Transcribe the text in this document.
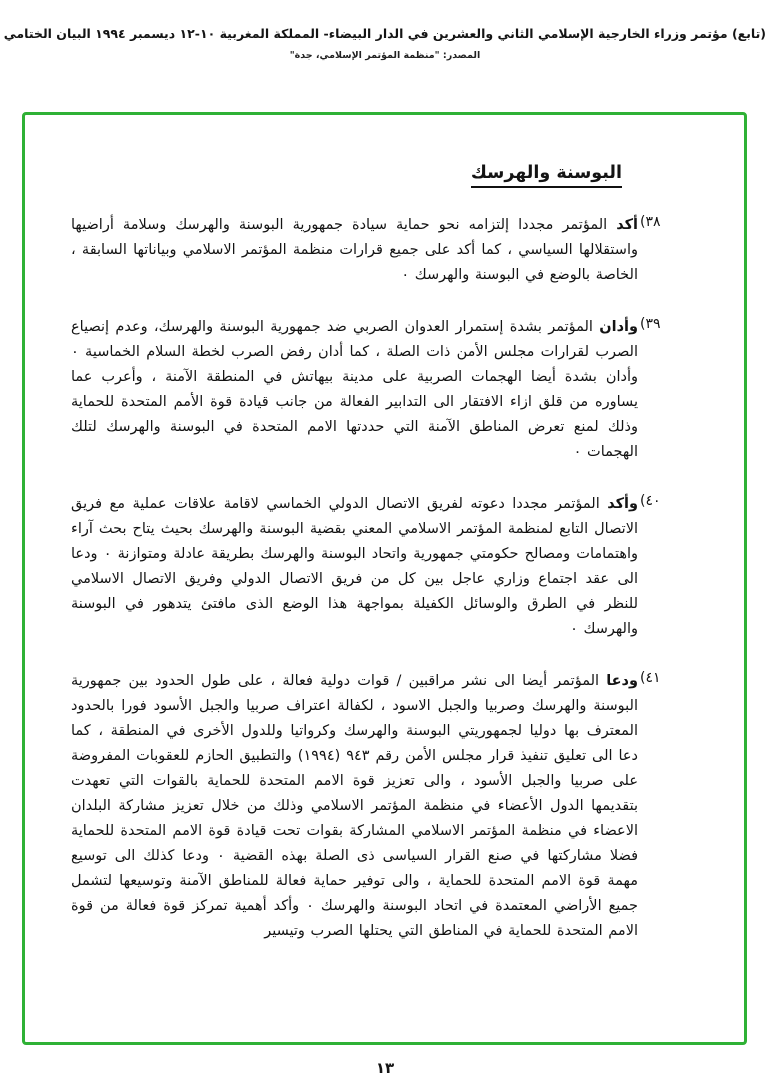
(تابع) مؤتمر وزراء الخارجية الإسلامي الثاني والعشرين في الدار البيضاء- المملكة المغربية ١٠-١٢ ديسمبر ١٩٩٤ البيان الختامي
المصدر: "منظمة المؤتمر الإسلامي، جدة"
البوسنة والهرسك
(٣٨

أكد المؤتمر مجددا إلتزامه نحو حماية سيادة جمهورية البوسنة والهرسك وسلامة أراضيها واستقلالها السياسي ، كما أكد على جميع قرارات منظمة المؤتمر الاسلامي وبياناتها السابقة ، الخاصة بالوضع في البوسنة والهرسك ٠

(٣٩

وأدان المؤتمر بشدة إستمرار العدوان الصربي ضد جمهورية البوسنة والهرسك، وعدم إنصياع الصرب لقرارات مجلس الأمن ذات الصلة ، كما أدان رفض الصرب لخطة السلام الخماسية ٠ وأدان بشدة أيضا الهجمات الصربية على مدينة بيهاتش في المنطقة الآمنة ، وأعرب عما يساوره من قلق ازاء الافتقار الى التدابير الفعالة من جانب قيادة قوة الأمم المتحدة للحماية وذلك لمنع تعرض المناطق الآمنة التي حددتها الامم المتحدة في البوسنة والهرسك لتلك الهجمات ٠

(٤٠

وأكد المؤتمر مجددا دعوته لفريق الاتصال الدولي الخماسي لاقامة علاقات عملية مع فريق الاتصال التابع لمنظمة المؤتمر الاسلامي المعني بقضية البوسنة والهرسك بحيث يتاح بحث آراء واهتمامات ومصالح حكومتي جمهورية واتحاد البوسنة والهرسك بطريقة عادلة ومتوازنة ٠ ودعا الى عقد اجتماع وزاري عاجل بين كل من فريق الاتصال الدولي وفريق الاتصال الاسلامي للنظر في الطرق والوسائل الكفيلة بمواجهة هذا الوضع الذى مافتئ يتدهور في البوسنة والهرسك ٠

(٤١

ودعا المؤتمر أيضا الى نشر مراقبين / قوات دولية فعالة ، على طول الحدود بين جمهورية البوسنة والهرسك وصربيا والجبل الاسود ، لكفالة اعتراف صربيا والجبل الأسود فورا بالحدود المعترف بها دوليا لجمهوريتي البوسنة والهرسك وكرواتيا وللدول الأخرى في المنطقة ، كما دعا الى تعليق تنفيذ قرار مجلس الأمن رقم ٩٤٣ (١٩٩٤) والتطبيق الحازم للعقوبات المفروضة على صربيا والجبل الأسود ، والى تعزيز قوة الامم المتحدة للحماية بالقوات التي تعهدت بتقديمها الدول الأعضاء في منظمة المؤتمر الاسلامي وذلك من خلال تعزيز مشاركة البلدان الاعضاء في منظمة المؤتمر الاسلامي المشاركة بقوات تحت قيادة قوة الامم المتحدة للحماية فضلا مشاركتها في صنع القرار السياسى ذى الصلة بهذه القضية ٠ ودعا كذلك الى توسيع مهمة قوة الامم المتحدة للحماية ، والى توفير حماية فعالة للمناطق الآمنة وتوسيعها لتشمل جميع الأراضي المعتمدة في اتحاد البوسنة والهرسك ٠ وأكد أهمية تمركز قوة فعالة من قوة الامم المتحدة للحماية في المناطق التي يحتلها الصرب وتيسير

١٣
